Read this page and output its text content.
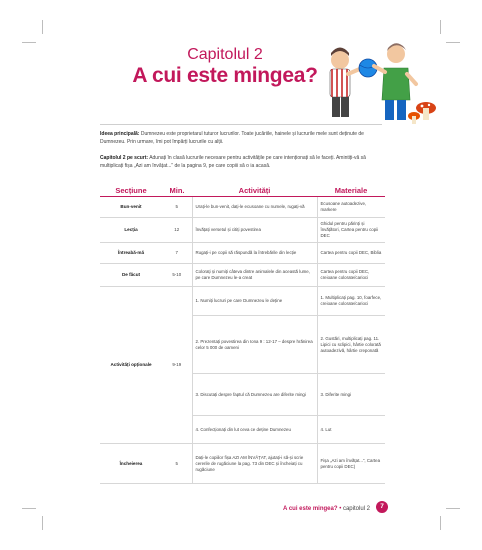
Capitolul 2
A cui este mingea?
Ideea principală: Dumnezeu este proprietarul tuturor lucrurilor. Toate jucăriile, hainele și lucrurile mele sunt deținute de Dumnezeu. Prin urmare, îmi pot împărți lucrurile cu alții.
Capitolul 2 pe scurt: Adunați în clasă lucrurile necesare pentru activitățile pe care intenționați să le faceți. Amintiți-vă să multiplicați fișa „Azi am învățat...” de la pagina 9, pe care copiii să o ia acasă.
Secțiune	Min.	Activități	Materiale
Bun-venit	5	Urați-le bun-venit, dați-le ecusoane cu numele, rugați-vă	Ecusoane autoadezive, markere
Lecția	12	Învățați versetul și citiți povestirea	Ghidul pentru părinți și învățători, Cartea pentru copii DEC
Întreabă-mă	7	Rugați-i pe copii să răspundă la întrebările din lecție	Cartea pentru copii DEC, Biblia
De făcut	5-10	Colorați și numiți câteva dintre animalele din această lume, pe care Dumnezeu le-a creat	Cartea pentru copii DEC, creioane colorate/carioci
Activități opționale	9-19	1. Numiți lucruri pe care Dumnezeu le deține	1. Multiplicați pag. 10, foarfece, creioane colorate/carioci
		2. Prezentați povestirea din Iona 9 : 12-17 – despre hrănirea celor 5 000 de oameni	2. Gustări, multiplicați pag. 11. Lipici cu sclipici, hârtie colorată autoadezivă, hârtie creponată
		3. Discutați despre faptul că Dumnezeu are diferite mingi	3. Diferite mingi
		4. Confecționați din lut ceva ce deține Dumnezeu	4. Lut
Încheierea	5	Dați-le copiilor fișa AZI AM ÎNVĂȚAT, ajutați-i să-și scrie cererile de rugăciune la pag. 73 din DEC și încheiați cu rugăciune	Fișa „Azi am învățat...”, Cartea pentru copii DEC)
A cui este mingea? • capitolul 2	7
